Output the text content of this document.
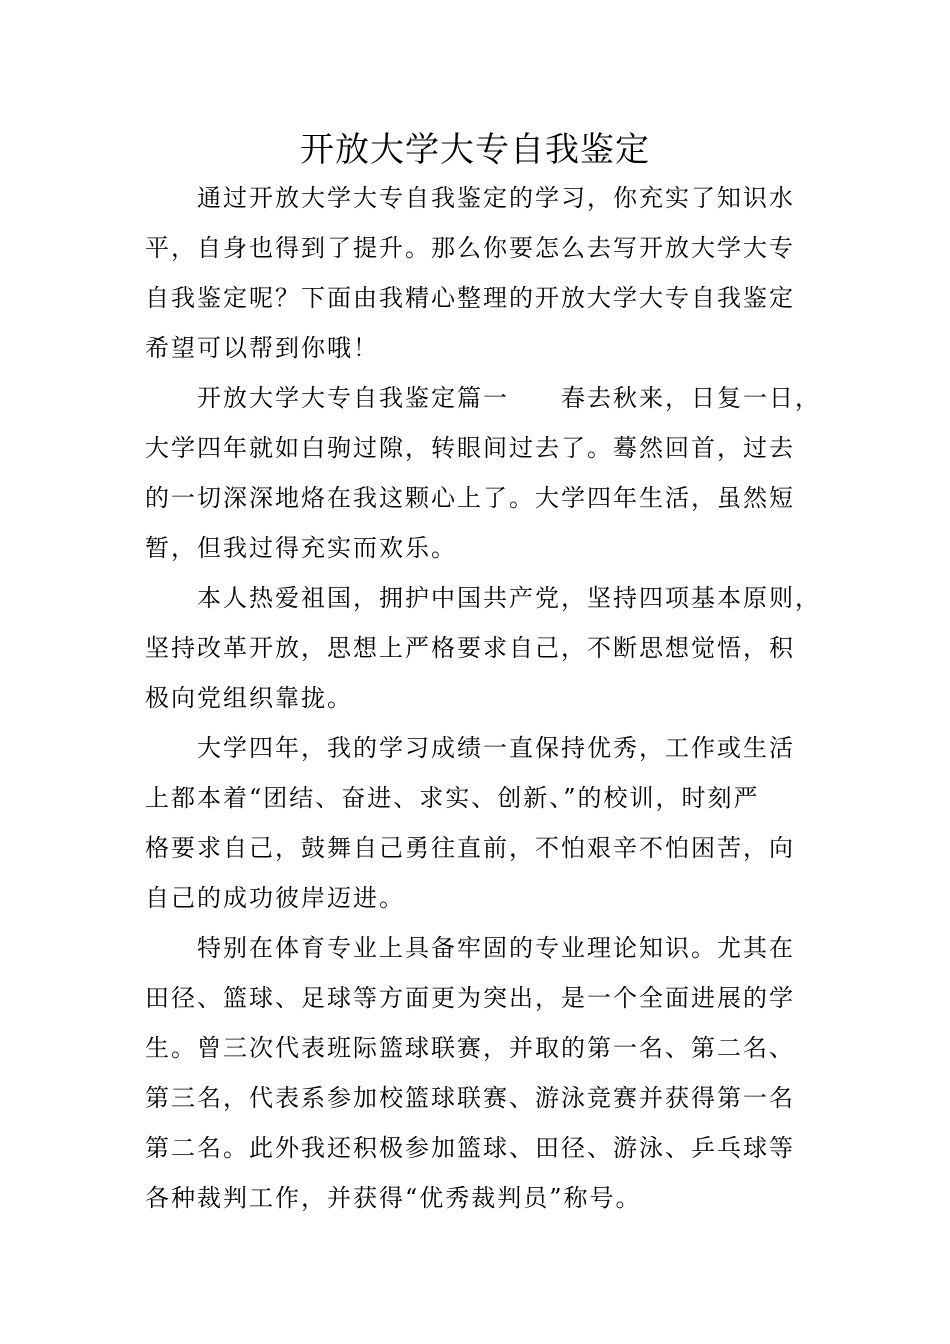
开放大学大专自我鉴定
　　通过开放大学大专自我鉴定的学习，你充实了知识水
平，自身也得到了提升。那么你要怎么去写开放大学大专
自我鉴定呢？下面由我精心整理的开放大学大专自我鉴定
希望可以帮到你哦！
　　开放大学大专自我鉴定篇一　　春去秋来，日复一日，
大学四年就如白驹过隙，转眼间过去了。蓦然回首，过去
的一切深深地烙在我这颗心上了。大学四年生活，虽然短
暂，但我过得充实而欢乐。
　　本人热爱祖国，拥护中国共产党，坚持四项基本原则，
坚持改革开放，思想上严格要求自己，不断思想觉悟，积
极向党组织靠拢。
　　大学四年，我的学习成绩一直保持优秀，工作或生活
上都本着“团结、奋进、求实、创新、”的校训，时刻严
格要求自己，鼓舞自己勇往直前，不怕艰辛不怕困苦，向
自己的成功彼岸迈进。
　　特别在体育专业上具备牢固的专业理论知识。尤其在
田径、篮球、足球等方面更为突出，是一个全面进展的学
生。曾三次代表班际篮球联赛，并取的第一名、第二名、
第三名，代表系参加校篮球联赛、游泳竞赛并获得第一名
第二名。此外我还积极参加篮球、田径、游泳、乒乓球等
各种裁判工作，并获得“优秀裁判员”称号。
